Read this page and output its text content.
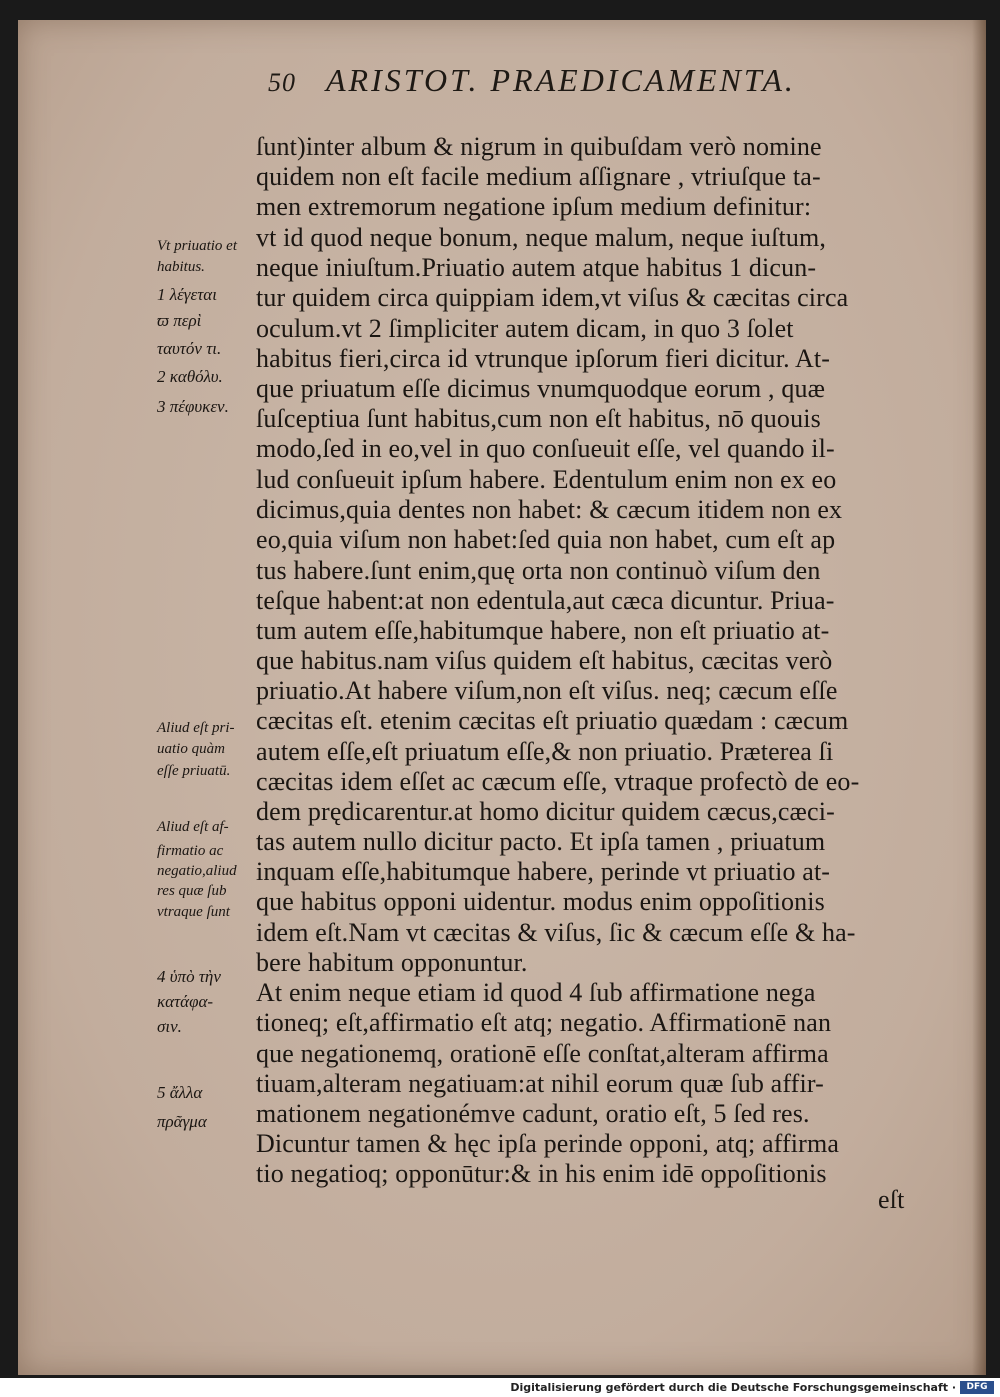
50 ARISTOT. PRAEDICAMENTA.
ſunt)inter album & nigrum in quibuſdam verò nomine
quidem non eſt facile medium aſſignare , vtriuſque ta-
men extremorum negatione ipſum medium definitur:
vt id quod neque bonum, neque malum, neque iuſtum,
neque iniuſtum.Priuatio autem atque habitus 1 dicun-
tur quidem circa quippiam idem,vt viſus & cæcitas circa
oculum.vt 2 ſimpliciter autem dicam, in quo 3 ſolet
habitus fieri,circa id vtrunque ipſorum fieri dicitur. At-
que priuatum eſſe dicimus vnumquodque eorum , quæ
ſuſceptiua ſunt habitus,cum non eſt habitus, nō quouis
modo,ſed in eo,vel in quo conſueuit eſſe, vel quando il-
lud conſueuit ipſum habere. Edentulum enim non ex eo
dicimus,quia dentes non habet: & cæcum itidem non ex
eo,quia viſum non habet:ſed quia non habet, cum eſt ap
tus habere.ſunt enim,quę orta non continuò viſum den
teſque habent:at non edentula,aut cæca dicuntur. Priua-
tum autem eſſe,habitumque habere, non eſt priuatio at-
que habitus.nam viſus quidem eſt habitus, cæcitas verò
priuatio.At habere viſum,non eſt viſus. neq; cæcum eſſe
cæcitas eſt. etenim cæcitas eſt priuatio quædam : cæcum
autem eſſe,eſt priuatum eſſe,& non priuatio. Præterea ſi
cæcitas idem eſſet ac cæcum eſſe, vtraque profectò de eo-
dem prędicarentur.at homo dicitur quidem cæcus,cæci-
tas autem nullo dicitur pacto. Et ipſa tamen , priuatum
inquam eſſe,habitumque habere, perinde vt priuatio at-
que habitus opponi uidentur. modus enim oppoſitionis
idem eſt.Nam vt cæcitas & viſus, ſic & cæcum eſſe & ha-
bere habitum opponuntur.
At enim neque etiam id quod 4 ſub affirmatione nega
tioneq; eſt,affirmatio eſt atq; negatio. Affirmationē nan
que negationemq, orationē eſſe conſtat,alteram affirma
tiuam,alteram negatiuam:at nihil eorum quæ ſub affir-
mationem negationémve cadunt, oratio eſt, 5 ſed res.
Dicuntur tamen & hęc ipſa perinde opponi, atq; affirma
tio negatioq; opponūtur:& in his enim idē oppoſitionis
eſt
Vt priuatio et
habitus.
1 λέγεται
ϖ περὶ
ταυτόν τι.
2 καθόλυ.
3 πέφυκεν.
Aliud eſt pri-
uatio quàm
eſſe priuatū.
Aliud eſt af-
firmatio ac
negatio,aliud
res quæ ſub
vtraque ſunt
4 ὑπὸ τὴν
κατάφα-
σιν.
5 ἄλλα
πρᾶγμα
Digitalisierung gefördert durch die Deutsche Forschungsgemeinschaft ·	DFG
